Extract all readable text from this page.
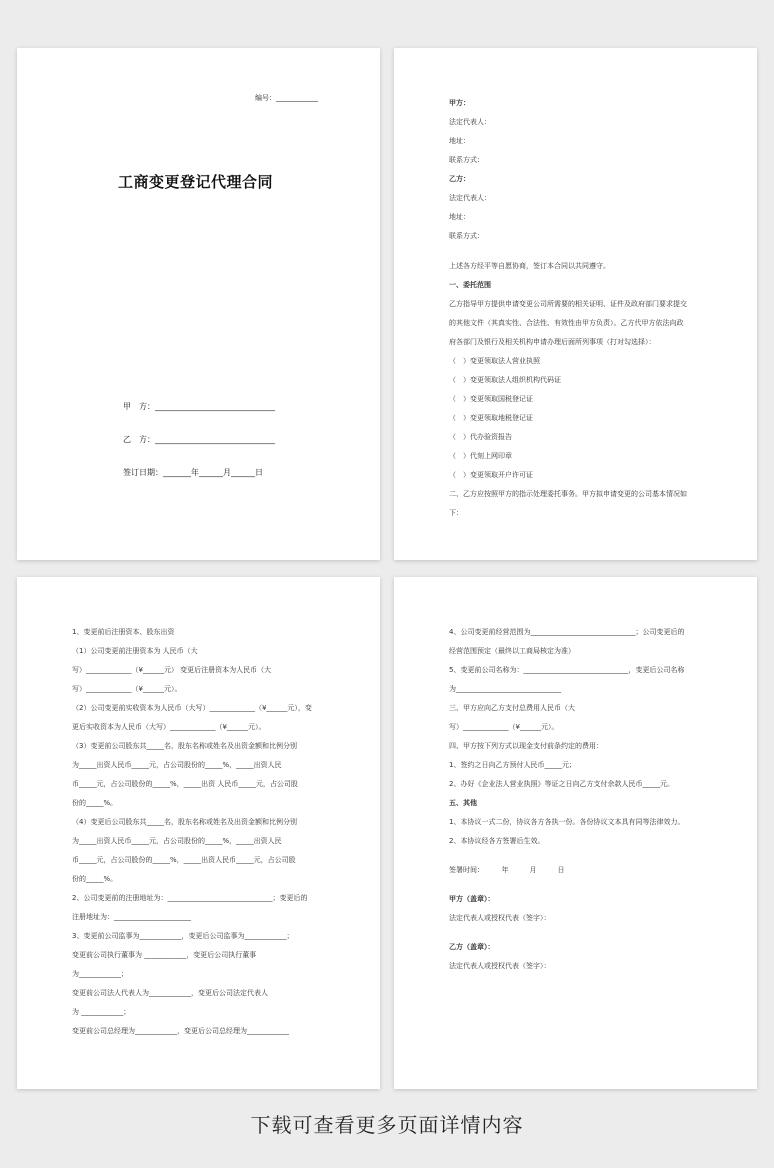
编号：____________
工商变更登记代理合同
甲　方：______________________________
乙　方：______________________________
签订日期：_______年______月______日
甲方：
法定代表人：
地址：
联系方式：
乙方：
法定代表人：
地址：
联系方式：
上述各方经平等自愿协商，签订本合同以共同遵守。
一、委托范围
乙方指导甲方提供申请变更公司所需要的相关证明、证件及政府部门要求提交
的其他文件（其真实性、合法性、有效性由甲方负责）。乙方代甲方依法向政
府各部门及银行及相关机构申请办理后面所列事项（打对勾选择）：
（　）变更领取法人营业执照
（　）变更领取法人组织机构代码证
（　）变更领取国税登记证
（　）变更领取地税登记证
（　）代办验资报告
（　）代刻上网印章
（　）变更领取开户许可证
二、乙方应按照甲方的指示处理委托事务。甲方拟申请变更的公司基本情况如
下：
1、变更前后注册资本、股东出资
（1）公司变更前注册资本为 人民币（大
写）_____________（¥______元） 变更后注册资本为人民币（大
写）_____________（¥______元）。
（2）公司变更前实收资本为人民币（大写）_____________（¥______元），变
更后实收资本为人民币（大写）_____________（¥______元）。
（3）变更前公司股东共_____名，股东名称或姓名及出资金额和比例分别
为_____出资人民币_____元，占公司股份的_____%，_____出资人民
币_____元，占公司股份的_____%，_____出资 人民币_____元，占公司股
份的_____%。
（4）变更后公司股东共_____名，股东名称或姓名及出资金额和比例分别
为_____出资人民币_____元，占公司股份的_____%，_____出资人民
币_____元，占公司股份的_____%，_____出资人民币_____元，占公司股
份的_____%。
2、公司变更前的注册地址为：______________________________；变更后的
注册地址为：______________________
3、变更前公司监事为____________，变更后公司监事为____________；
变更前公司执行董事为 ____________，变更后公司执行董事
为____________；
变更前公司法人代表人为____________，变更后公司法定代表人
为 ____________；
变更前公司总经理为____________，变更后公司总经理为____________
4、公司变更前经营范围为______________________________；公司变更后的
经营范围预定（最终以工商局核定为准）
5、变更前公司名称为：______________________________，变更后公司名称
为______________________________
三、甲方应向乙方支付总费用人民币（大
写）_____________（¥______元）。
四、甲方按下列方式以现金支付前条约定的费用：
1、签约之日向乙方预付人民币_____元；
2、办好《企业法人营业执照》等证之日向乙方支付余款人民币_____元。
五、其他
1、本协议一式二份，协议各方各执一份。各份协议文本具有同等法律效力。
2、本协议经各方签署后生效。
签署时间：　　　年　　　月　　　日
甲方（盖章）：
法定代表人或授权代表（签字）：
乙方（盖章）：
法定代表人或授权代表（签字）：
下载可查看更多页面详情内容
